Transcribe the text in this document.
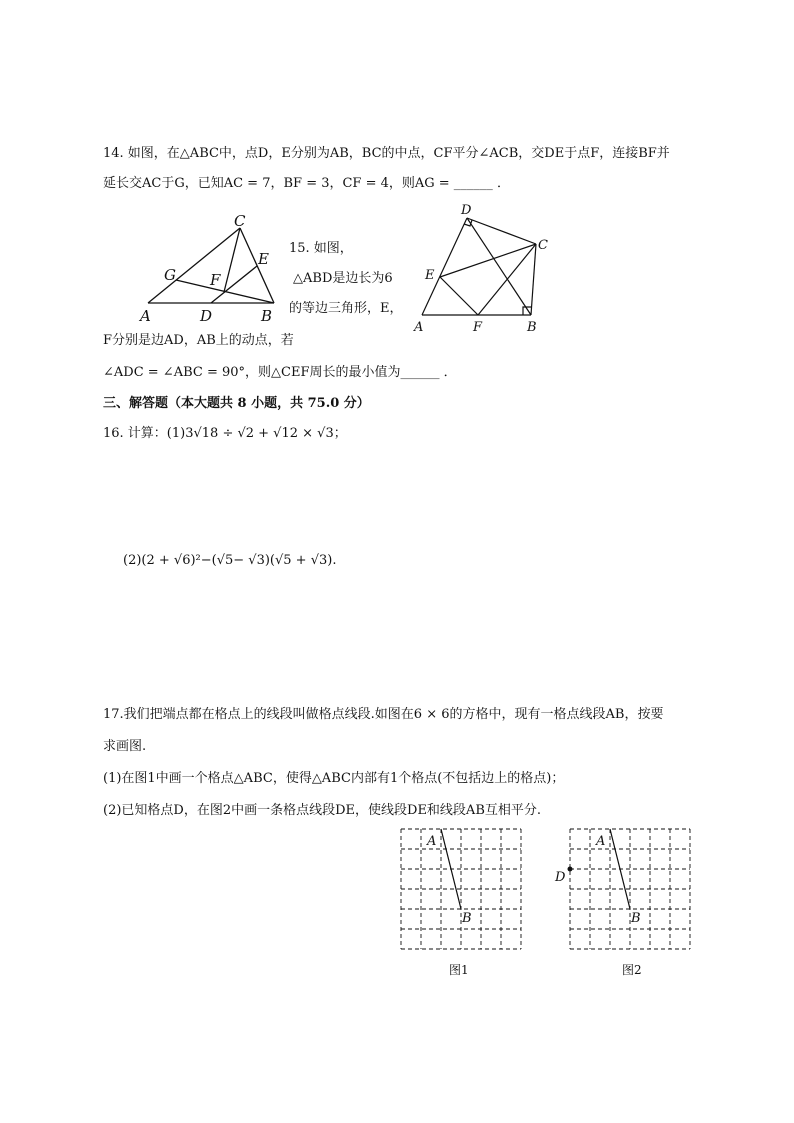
14. 如图，在△ABC中，点D，E分别为AB，BC的中点，CF平分∠ACB，交DE于点F，连接BF并
延长交AC于G，已知AC = 7，BF = 3，CF = 4，则AG = ______ ．
C
G F
E
A	D	B
15. 如图，
△ABD是边长为6
的等边三角形，E，
F分别是边AD，AB上的动点，若
∠ADC = ∠ABC = 90°，则△CEF周长的最小值为______ ．
D
C
E
A	F	B
三、解答题（本大题共 8 小题，共 75.0 分）
16. 计算：(1)3√18 ÷ √2 + √12 × √3；
(2)(2 + √6)²−(√5− √3)(√5 + √3).
17.我们把端点都在格点上的线段叫做格点线段.如图在6 × 6的方格中，现有一格点线段AB，按要
求画图.
(1)在图1中画一个格点△ABC，使得△ABC内部有1个格点(不包括边上的格点)；
(2)已知格点D，在图2中画一条格点线段DE，使线段DE和线段AB互相平分.
A
B
图1
A
B
D
图2
